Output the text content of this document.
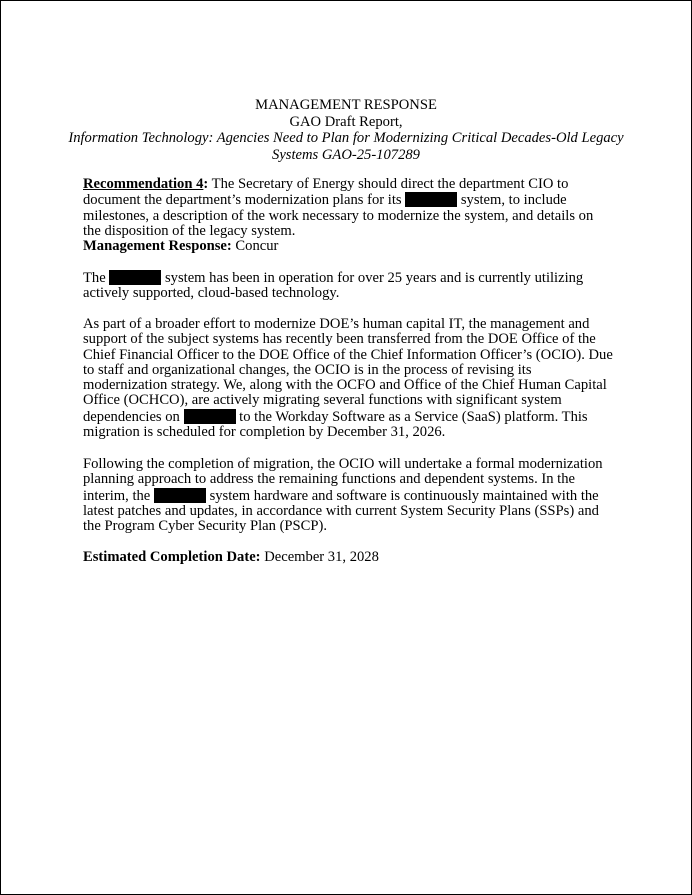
MANAGEMENT RESPONSE
GAO Draft Report,
Information Technology: Agencies Need to Plan for Modernizing Critical Decades-Old Legacy
Systems GAO-25-107289
Recommendation 4: The Secretary of Energy should direct the department CIO to document the department’s modernization plans for its	system, to include milestones, a description of the work necessary to modernize the system, and details on the disposition of the legacy system.
Management Response: Concur
The	system has been in operation for over 25 years and is currently utilizing actively supported, cloud-based technology.
As part of a broader effort to modernize DOE’s human capital IT, the management and support of the subject systems has recently been transferred from the DOE Office of the Chief Financial Officer to the DOE Office of the Chief Information Officer’s (OCIO). Due to staff and organizational changes, the OCIO is in the process of revising its modernization strategy. We, along with the OCFO and Office of the Chief Human Capital Office (OCHCO), are actively migrating several functions with significant system dependencies on	to the Workday Software as a Service (SaaS) platform. This migration is scheduled for completion by December 31, 2026.
Following the completion of migration, the OCIO will undertake a formal modernization planning approach to address the remaining functions and dependent systems. In the interim, the	system hardware and software is continuously maintained with the latest patches and updates, in accordance with current System Security Plans (SSPs) and the Program Cyber Security Plan (PSCP).
Estimated Completion Date: December 31, 2028
